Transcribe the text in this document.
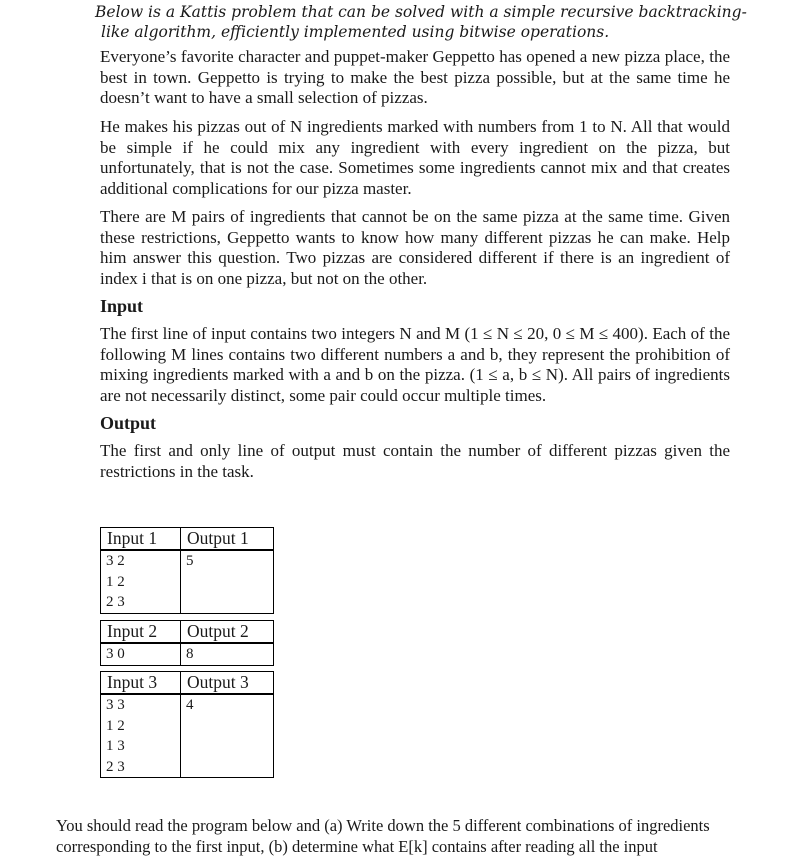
Below is a Kattis problem that can be solved with a simple recursive backtracking-
like algorithm, efficiently implemented using bitwise operations.
Everyone’s favorite character and puppet-maker Geppetto has opened a new pizza place, the best in town. Geppetto is trying to make the best pizza possible, but at the same time he doesn’t want to have a small selection of pizzas.
He makes his pizzas out of N ingredients marked with numbers from 1 to N. All that would be simple if he could mix any ingredient with every ingredient on the pizza, but unfortunately, that is not the case. Sometimes some ingredients cannot mix and that creates additional complications for our pizza master.
There are M pairs of ingredients that cannot be on the same pizza at the same time. Given these restrictions, Geppetto wants to know how many different pizzas he can make. Help him answer this question. Two pizzas are considered different if there is an ingredient of index i that is on one pizza, but not on the other.
Input
The first line of input contains two integers N and M (1 ≤ N ≤ 20, 0 ≤ M ≤ 400). Each of the following M lines contains two different numbers a and b, they represent the prohibition of mixing ingredients marked with a and b on the pizza. (1 ≤ a, b ≤ N). All pairs of ingredients are not necessarily distinct, some pair could occur multiple times.
Output
The first and only line of output must contain the number of different pizzas given the restrictions in the task.
Input 1	Output 1

3 2
1 2
2 3	5
Input 2	Output 2

3 0	8
Input 3	Output 3

3 3
1 2
1 3
2 3	4
You should read the program below and (a) Write down the 5 different combinations of ingredients
corresponding to the first input, (b) determine what E[k] contains after reading all the input
